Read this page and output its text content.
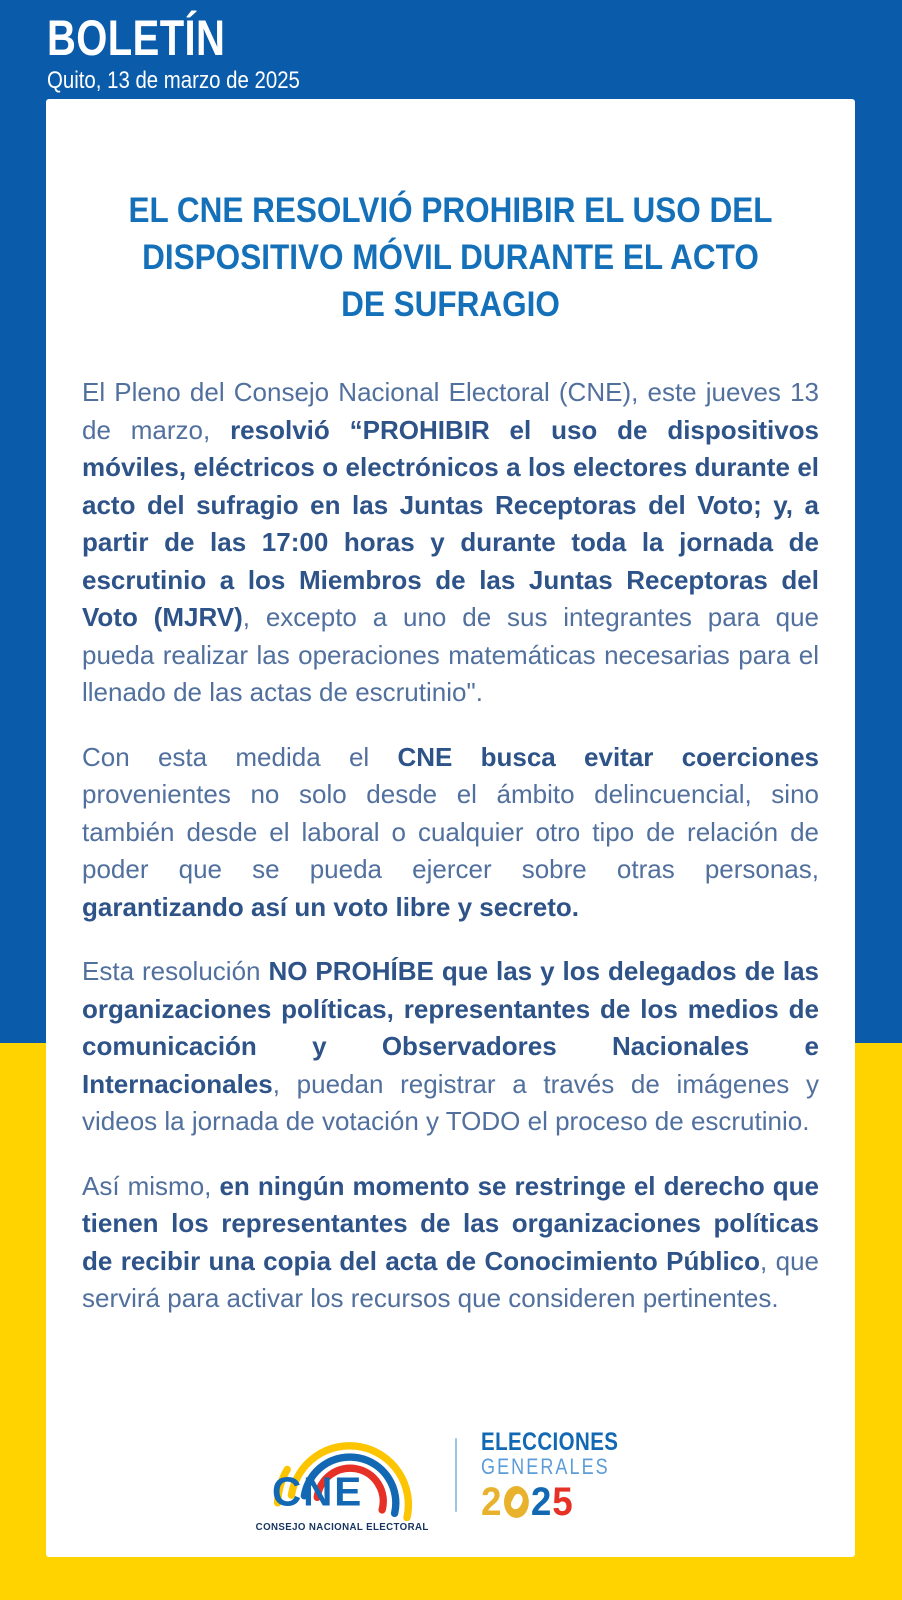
BOLETÍN
Quito, 13 de marzo de 2025
EL CNE RESOLVIÓ PROHIBIR EL USO DEL
DISPOSITIVO MÓVIL DURANTE EL ACTO
DE SUFRAGIO

El Pleno del Consejo Nacional Electoral (CNE), este jueves 13 de marzo, resolvió “PROHIBIR el uso de dispositivos móviles, eléctricos o electrónicos a los electores durante el acto del sufragio en las Juntas Receptoras del Voto; y, a partir de las 17:00 horas y durante toda la jornada de escrutinio a los Miembros de las Juntas Receptoras del Voto (MJRV), excepto a uno de sus integrantes para que pueda realizar las operaciones matemáticas necesarias para el llenado de las actas de escrutinio".

Con esta medida el CNE busca evitar coerciones provenientes no solo desde el ámbito delincuencial, sino también desde el laboral o cualquier otro tipo de relación de poder que se pueda ejercer sobre otras personas, garantizando así un voto libre y secreto.

Esta resolución NO PROHÍBE que las y los delegados de las organizaciones políticas, representantes de los medios de comunicación y Observadores Nacionales e Internacionales, puedan registrar a través de imágenes y videos la jornada de votación y TODO el proceso de escrutinio.

Así mismo, en ningún momento se restringe el derecho que tienen los representantes de las organizaciones políticas de recibir una copia del acta de Conocimiento Público, que servirá para activar los recursos que consideren pertinentes.

CNE
CONSEJO NACIONAL ELECTORAL
ELECCIONES
GENERALES
2 2 5
